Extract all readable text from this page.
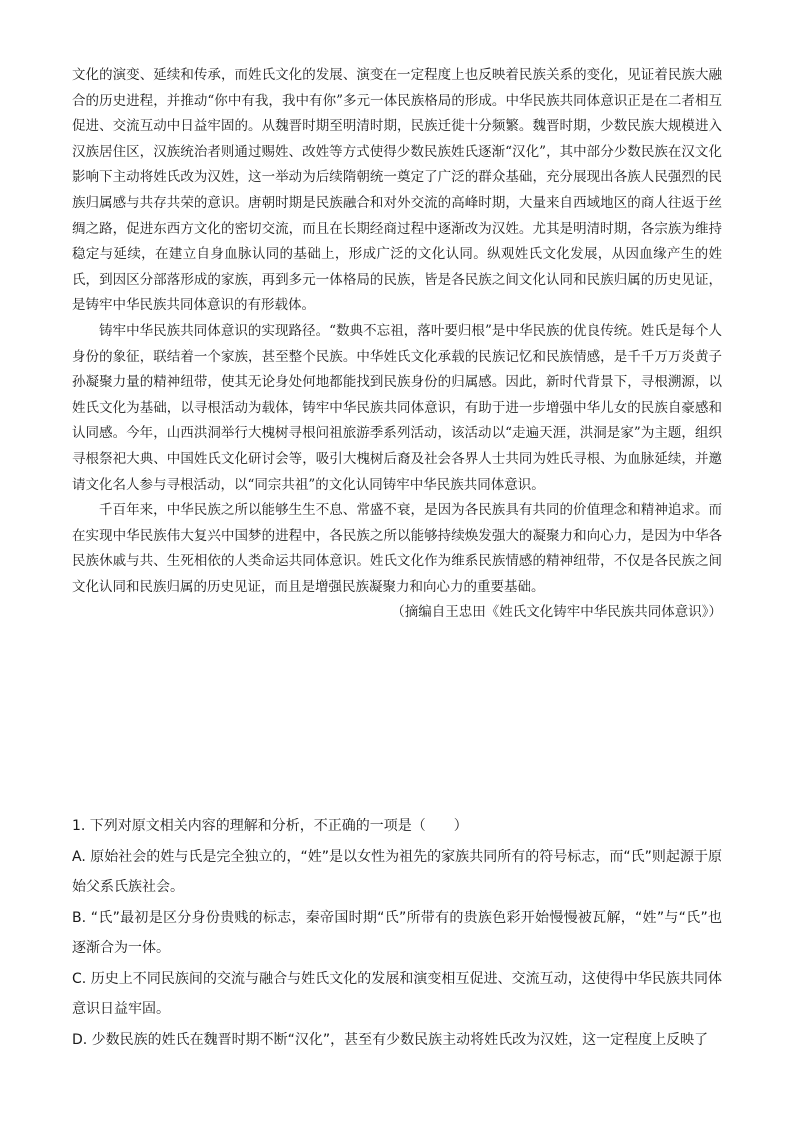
文化的演变、延续和传承，而姓氏文化的发展、演变在一定程度上也反映着民族关系的变化，见证着民族大融合的历史进程，并推动“你中有我，我中有你”多元一体民族格局的形成。中华民族共同体意识正是在二者相互促进、交流互动中日益牢固的。从魏晋时期至明清时期，民族迁徙十分频繁。魏晋时期，少数民族大规模进入汉族居住区，汉族统治者则通过赐姓、改姓等方式使得少数民族姓氏逐渐“汉化”，其中部分少数民族在汉文化影响下主动将姓氏改为汉姓，这一举动为后续隋朝统一奠定了广泛的群众基础，充分展现出各族人民强烈的民族归属感与共存共荣的意识。唐朝时期是民族融合和对外交流的高峰时期，大量来自西域地区的商人往返于丝绸之路，促进东西方文化的密切交流，而且在长期经商过程中逐渐改为汉姓。尤其是明清时期，各宗族为维持稳定与延续，在建立自身血脉认同的基础上，形成广泛的文化认同。纵观姓氏文化发展，从因血缘产生的姓氏，到因区分部落形成的家族，再到多元一体格局的民族，皆是各民族之间文化认同和民族归属的历史见证，是铸牢中华民族共同体意识的有形载体。

铸牢中华民族共同体意识的实现路径。“数典不忘祖，落叶要归根”是中华民族的优良传统。姓氏是每个人身份的象征，联结着一个家族，甚至整个民族。中华姓氏文化承载的民族记忆和民族情感，是千千万万炎黄子孙凝聚力量的精神纽带，使其无论身处何地都能找到民族身份的归属感。因此，新时代背景下，寻根溯源，以姓氏文化为基础，以寻根活动为载体，铸牢中华民族共同体意识，有助于进一步增强中华儿女的民族自豪感和认同感。今年，山西洪洞举行大槐树寻根问祖旅游季系列活动，该活动以“走遍天涯，洪洞是家”为主题，组织寻根祭祀大典、中国姓氏文化研讨会等，吸引大槐树后裔及社会各界人士共同为姓氏寻根、为血脉延续，并邀请文化名人参与寻根活动，以“同宗共祖”的文化认同铸牢中华民族共同体意识。

千百年来，中华民族之所以能够生生不息、常盛不衰，是因为各民族具有共同的价值理念和精神追求。而在实现中华民族伟大复兴中国梦的进程中，各民族之所以能够持续焕发强大的凝聚力和向心力，是因为中华各民族休戚与共、生死相依的人类命运共同体意识。姓氏文化作为维系民族情感的精神纽带，不仅是各民族之间文化认同和民族归属的历史见证，而且是增强民族凝聚力和向心力的重要基础。

（摘编自王忠田《姓氏文化铸牢中华民族共同体意识》）

1. 下列对原文相关内容的理解和分析，不正确的一项是（　　）

A. 原始社会的姓与氏是完全独立的，“姓”是以女性为祖先的家族共同所有的符号标志，而“氏”则起源于原始父系氏族社会。

B. “氏”最初是区分身份贵贱的标志，秦帝国时期“氏”所带有的贵族色彩开始慢慢被瓦解，“姓”与“氏”也逐渐合为一体。

C. 历史上不同民族间的交流与融合与姓氏文化的发展和演变相互促进、交流互动，这使得中华民族共同体意识日益牢固。

D. 少数民族的姓氏在魏晋时期不断“汉化”，甚至有少数民族主动将姓氏改为汉姓，这一定程度上反映了
